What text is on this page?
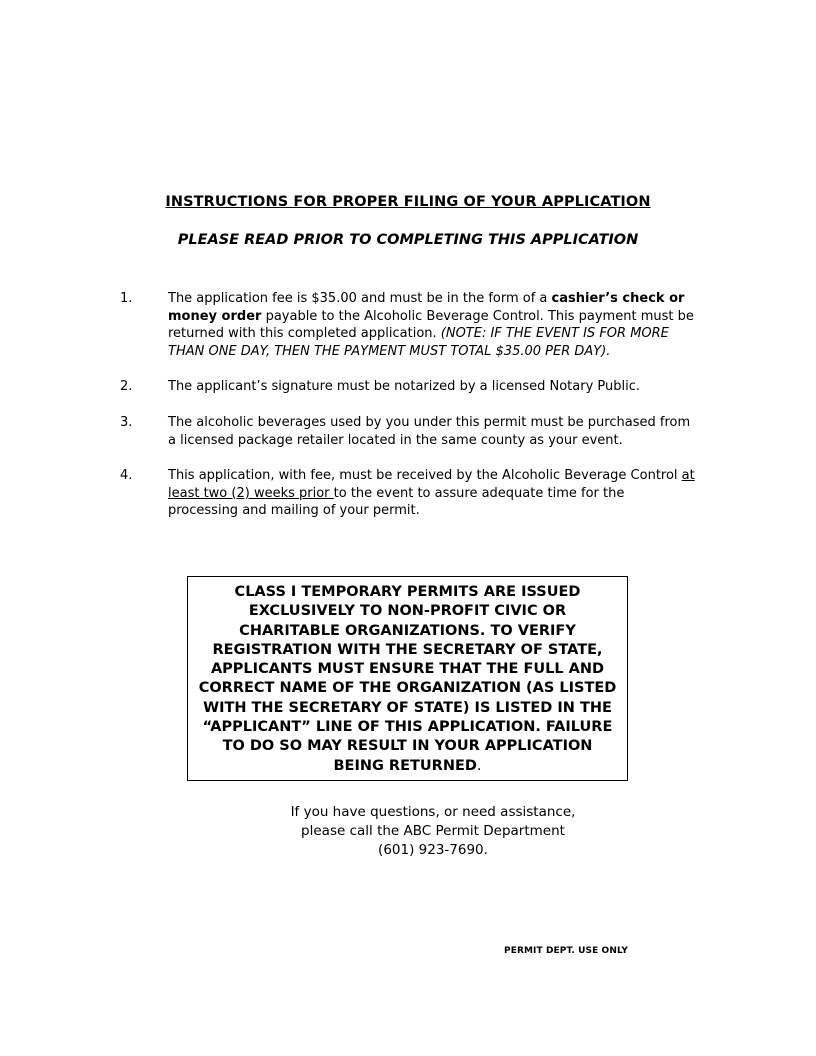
INSTRUCTIONS FOR PROPER FILING OF YOUR APPLICATION
PLEASE READ PRIOR TO COMPLETING THIS APPLICATION
1.	The application fee is $35.00 and must be in the form of a cashier’s check or money order payable to the Alcoholic Beverage Control. This payment must be returned with this completed application. (NOTE: IF THE EVENT IS FOR MORE THAN ONE DAY, THEN THE PAYMENT MUST TOTAL $35.00 PER DAY).
2.	The applicant’s signature must be notarized by a licensed Notary Public.
3.	The alcoholic beverages used by you under this permit must be purchased from a licensed package retailer located in the same county as your event.
4.	This application, with fee, must be received by the Alcoholic Beverage Control at least two (2) weeks prior to the event to assure adequate time for the processing and mailing of your permit.
CLASS I TEMPORARY PERMITS ARE ISSUED EXCLUSIVELY TO NON-PROFIT CIVIC OR CHARITABLE ORGANIZATIONS. TO VERIFY REGISTRATION WITH THE SECRETARY OF STATE, APPLICANTS MUST ENSURE THAT THE FULL AND CORRECT NAME OF THE ORGANIZATION (AS LISTED WITH THE SECRETARY OF STATE) IS LISTED IN THE “APPLICANT” LINE OF THIS APPLICATION. FAILURE TO DO SO MAY RESULT IN YOUR APPLICATION BEING RETURNED.
If you have questions, or need assistance,
please call the ABC Permit Department
(601) 923-7690.
PERMIT DEPT. USE ONLY
